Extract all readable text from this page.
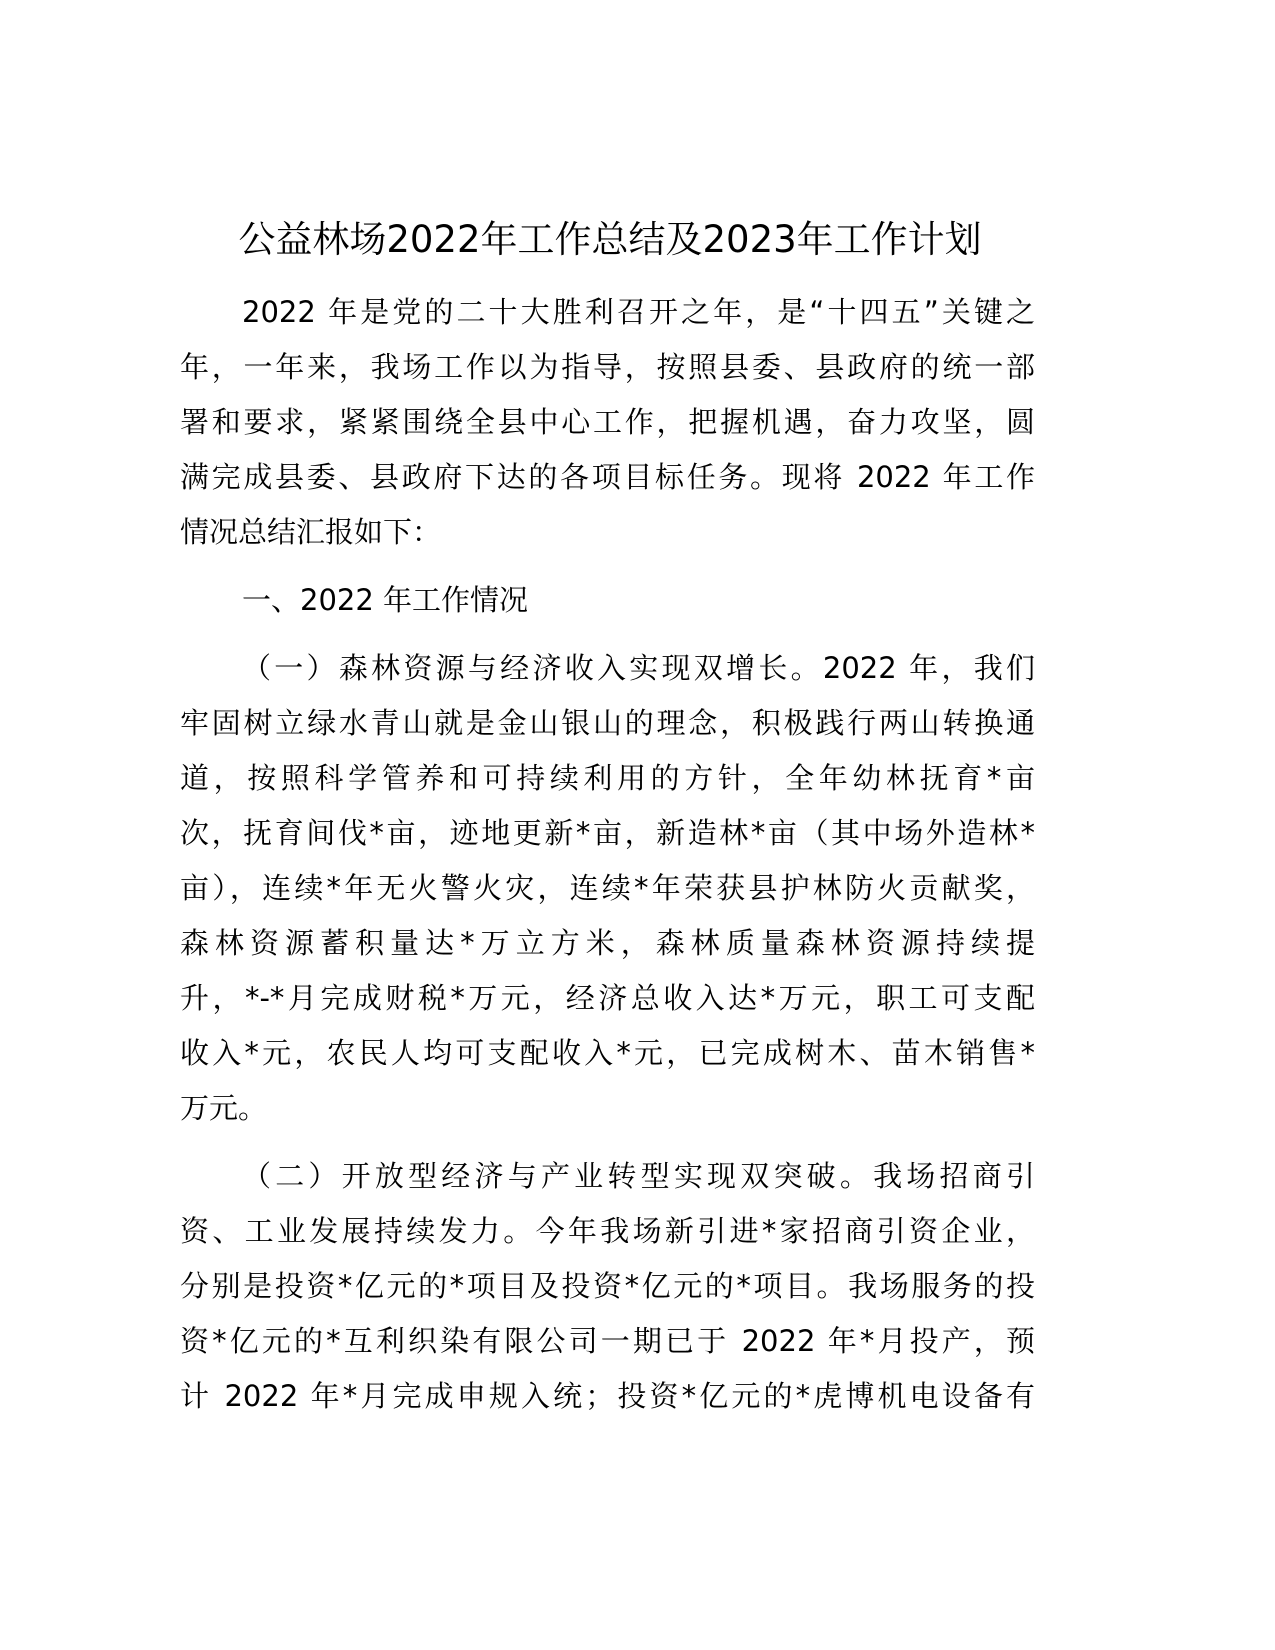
公益林场2022年工作总结及2023年工作计划
2022 年是党的二十大胜利召开之年，是“十四五”关键之
年，一年来，我场工作以为指导，按照县委、县政府的统一部
署和要求，紧紧围绕全县中心工作，把握机遇，奋力攻坚，圆
满完成县委、县政府下达的各项目标任务。现将 2022 年工作
情况总结汇报如下：
一、2022 年工作情况
（一）森林资源与经济收入实现双增长。2022 年，我们
牢固树立绿水青山就是金山银山的理念，积极践行两山转换通
道，按照科学管养和可持续利用的方针，全年幼林抚育*亩
次，抚育间伐*亩，迹地更新*亩，新造林*亩（其中场外造林*
亩），连续*年无火警火灾，连续*年荣获县护林防火贡献奖，
森林资源蓄积量达*万立方米，森林质量森林资源持续提
升，*-*月完成财税*万元，经济总收入达*万元，职工可支配
收入*元，农民人均可支配收入*元，已完成树木、苗木销售*
万元。
（二）开放型经济与产业转型实现双突破。我场招商引
资、工业发展持续发力。今年我场新引进*家招商引资企业，
分别是投资*亿元的*项目及投资*亿元的*项目。我场服务的投
资*亿元的*互利织染有限公司一期已于 2022 年*月投产，预
计 2022 年*月完成申规入统；投资*亿元的*虎博机电设备有
